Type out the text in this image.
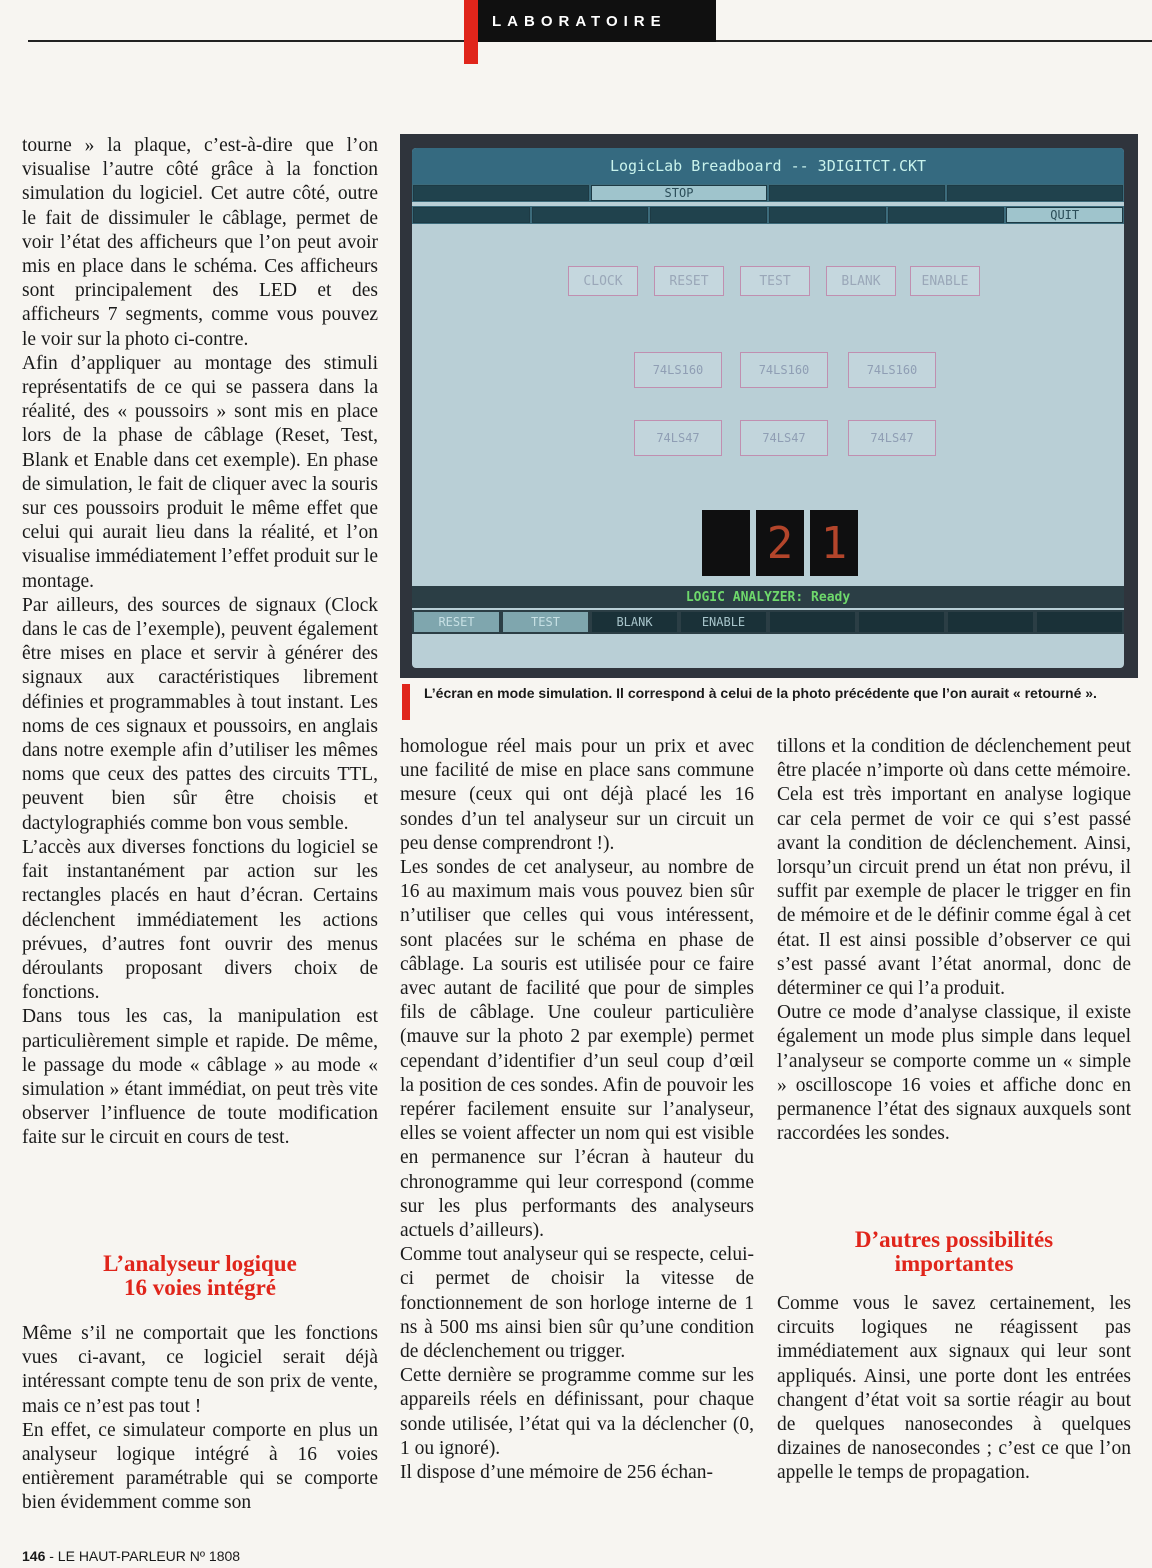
LABORATOIRE

tourne » la plaque, c’est-à-dire que l’on visualise l’autre côté grâce à la fonction simulation du logiciel. Cet autre côté, outre le fait de dissimuler le câblage, permet de voir l’état des afficheurs que l’on peut avoir mis en place dans le schéma. Ces afficheurs sont principalement des LED et des afficheurs 7 segments, comme vous pouvez le voir sur la photo ci-contre.

Afin d’appliquer au montage des stimuli représentatifs de ce qui se passera dans la réalité, des « poussoirs » sont mis en place lors de la phase de câblage (Reset, Test, Blank et Enable dans cet exemple). En phase de simulation, le fait de cliquer avec la souris sur ces poussoirs produit le même effet que celui qui aurait lieu dans la réalité, et l’on visualise immédiatement l’effet produit sur le montage.

Par ailleurs, des sources de signaux (Clock dans le cas de l’exemple), peuvent également être mises en place et servir à générer des signaux aux caractéristiques librement définies et programmables à tout instant. Les noms de ces signaux et poussoirs, en anglais dans notre exemple afin d’utiliser les mêmes noms que ceux des pattes des circuits TTL, peuvent bien sûr être choisis et dactylographiés comme bon vous semble.

L’accès aux diverses fonctions du logiciel se fait instantanément par action sur les rectangles placés en haut d’écran. Certains déclenchent immédiatement les actions prévues, d’autres font ouvrir des menus déroulants proposant divers choix de fonctions.

Dans tous les cas, la manipulation est particulièrement simple et rapide. De même, le passage du mode « câblage » au mode « simulation » étant immédiat, on peut très vite observer l’influence de toute modification faite sur le circuit en cours de test.

L’analyseur logique
16 voies intégré

Même s’il ne comportait que les fonctions vues ci-avant, ce logiciel serait déjà intéressant compte tenu de son prix de vente, mais ce n’est pas tout !

En effet, ce simulateur comporte en plus un analyseur logique intégré à 16 voies entièrement paramétrable qui se comporte bien évidemment comme son

LogicLab Breadboard -- 3DIGITCT.CKT
STOP
QUIT
CLOCK	RESET	TEST	BLANK	ENABLE
74LS160	74LS160	74LS160
74LS47	74LS47	74LS47
2 1
LOGIC ANALYZER: Ready
RESET	TEST	BLANK	ENABLE
L’écran en mode simulation. Il correspond à celui de la photo précédente que l’on aurait « retourné ».

homologue réel mais pour un prix et avec une facilité de mise en place sans commune mesure (ceux qui ont déjà placé les 16 sondes d’un tel analyseur sur un circuit un peu dense comprendront !).

Les sondes de cet analyseur, au nombre de 16 au maximum mais vous pouvez bien sûr n’utiliser que celles qui vous intéressent, sont placées sur le schéma en phase de câblage. La souris est utilisée pour ce faire avec autant de facilité que pour de simples fils de câblage. Une couleur particulière (mauve sur la photo 2 par exemple) permet cependant d’identifier d’un seul coup d’œil la position de ces sondes. Afin de pouvoir les repérer facilement ensuite sur l’analyseur, elles se voient affecter un nom qui est visible en permanence sur l’écran à hauteur du chronogramme qui leur correspond (comme sur les plus performants des analyseurs actuels d’ailleurs).

Comme tout analyseur qui se respecte, celui-ci permet de choisir la vitesse de fonctionnement de son horloge interne de 1 ns à 500 ms ainsi bien sûr qu’une condition de déclenchement ou trigger.

Cette dernière se programme comme sur les appareils réels en définissant, pour chaque sonde utilisée, l’état qui va la déclencher (0, 1 ou ignoré).

Il dispose d’une mémoire de 256 échan-

tillons et la condition de déclenchement peut être placée n’importe où dans cette mémoire. Cela est très important en analyse logique car cela permet de voir ce qui s’est passé avant la condition de déclenchement. Ainsi, lorsqu’un circuit prend un état non prévu, il suffit par exemple de placer le trigger en fin de mémoire et de le définir comme égal à cet état. Il est ainsi possible d’observer ce qui s’est passé avant l’état anormal, donc de déterminer ce qui l’a produit.

Outre ce mode d’analyse classique, il existe également un mode plus simple dans lequel l’analyseur se comporte comme un « simple » oscilloscope 16 voies et affiche donc en permanence l’état des signaux auxquels sont raccordées les sondes.

D’autres possibilités
importantes

Comme vous le savez certainement, les circuits logiques ne réagissent pas immédiatement aux signaux qui leur sont appliqués. Ainsi, une porte dont les entrées changent d’état voit sa sortie réagir au bout de quelques nanosecondes à quelques dizaines de nanosecondes ; c’est ce que l’on appelle le temps de propagation.

146 - LE HAUT-PARLEUR Nº 1808
